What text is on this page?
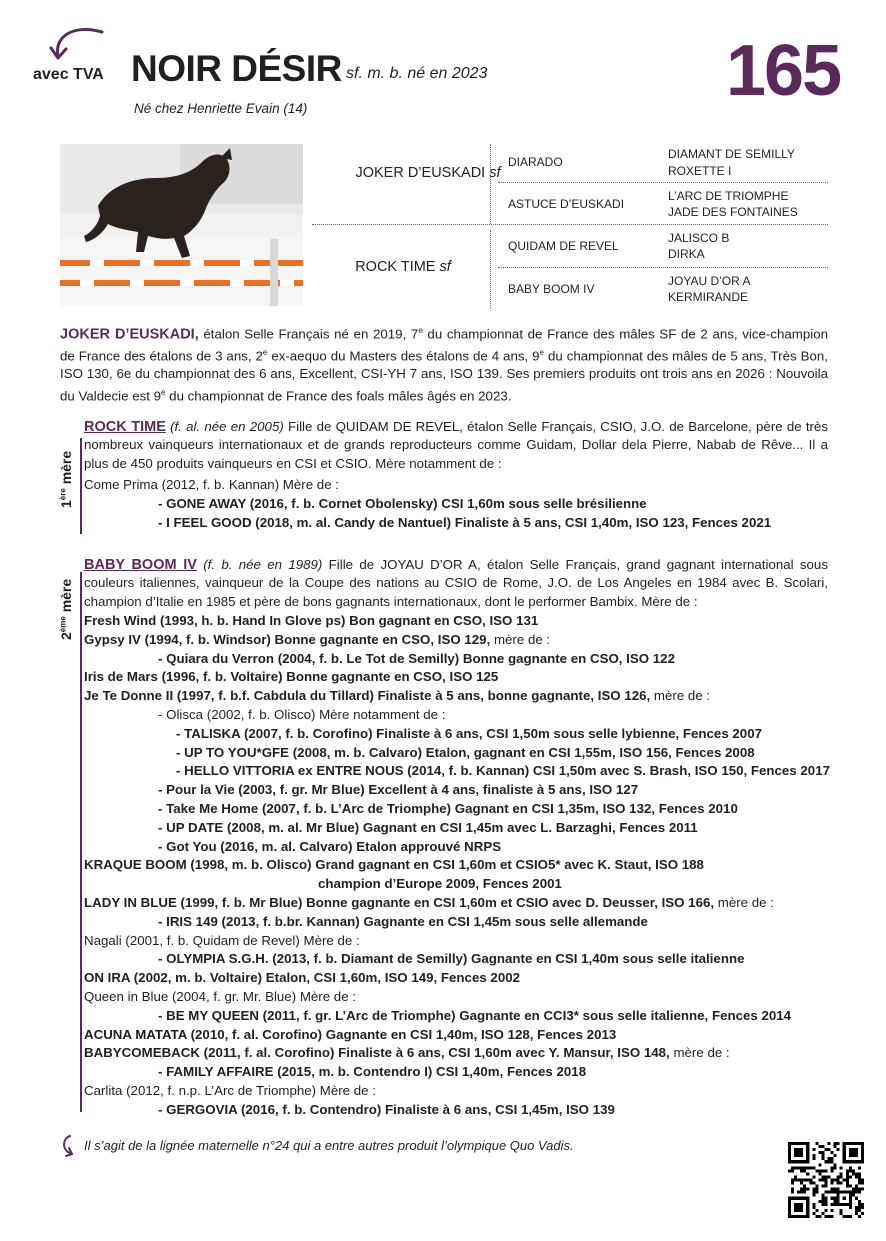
avec TVA NOIR DÉSIR sf. m. b. né en 2023
Né chez Henriette Evain (14)	165
JOKER D’EUSKADI sf
ROCK TIME sf
DIARADO
ASTUCE D’EUSKADI
QUIDAM DE REVEL
BABY BOOM IV
DIAMANT DE SEMILLY
ROXETTE I
L’ARC DE TRIOMPHE
JADE DES FONTAINES
JALISCO B
DIRKA
JOYAU D’OR A
KERMIRANDE
JOKER D’EUSKADI, étalon Selle Français né en 2019, 7e du championnat de France des mâles SF de 2 ans, vice-champion de France des étalons de 3 ans, 2e ex-aequo du Masters des étalons de 4 ans, 9e du championnat des mâles de 5 ans, Très Bon, ISO 130, 6e du championnat des 6 ans, Excellent, CSI-YH 7 ans, ISO 139. Ses premiers produits ont trois ans en 2026 : Nouvoila du Valdecie est 9e du championnat de France des foals mâles âgés en 2023.
1ère mère
ROCK TIME (f. al. née en 2005) Fille de QUIDAM DE REVEL, étalon Selle Français, CSIO, J.O. de Barcelone, père de très nombreux vainqueurs internationaux et de grands reproducteurs comme Guidam, Dollar dela Pierre, Nabab de Rêve... Il a plus de 450 produits vainqueurs en CSI et CSIO. Mère notamment de :
Come Prima (2012, f. b. Kannan) Mère de :
- GONE AWAY (2016, f. b. Cornet Obolensky) CSI 1,60m sous selle brésilienne
- I FEEL GOOD (2018, m. al. Candy de Nantuel) Finaliste à 5 ans, CSI 1,40m, ISO 123, Fences 2021
2ème mère
BABY BOOM IV (f. b. née en 1989) Fille de JOYAU D’OR A, étalon Selle Français, grand gagnant international sous couleurs italiennes, vainqueur de la Coupe des nations au CSIO de Rome, J.O. de Los Angeles en 1984 avec B. Scolari, champion d’Italie en 1985 et père de bons gagnants internationaux, dont le performer Bambix. Mère de :
Fresh Wind (1993, h. b. Hand In Glove ps) Bon gagnant en CSO, ISO 131
Gypsy IV (1994, f. b. Windsor) Bonne gagnante en CSO, ISO 129, mère de :
- Quiara du Verron (2004, f. b. Le Tot de Semilly) Bonne gagnante en CSO, ISO 122
Iris de Mars (1996, f. b. Voltaire) Bonne gagnante en CSO, ISO 125
Je Te Donne II (1997, f. b.f. Cabdula du Tillard) Finaliste à 5 ans, bonne gagnante, ISO 126, mère de :
- Olisca (2002, f. b. Olisco) Mère notamment de :
- TALISKA (2007, f. b. Corofino) Finaliste à 6 ans, CSI 1,50m sous selle lybienne, Fences 2007
- UP TO YOU*GFE (2008, m. b. Calvaro) Etalon, gagnant en CSI 1,55m, ISO 156, Fences 2008
- HELLO VITTORIA ex ENTRE NOUS (2014, f. b. Kannan) CSI 1,50m avec S. Brash, ISO 150, Fences 2017
- Pour la Vie (2003, f. gr. Mr Blue) Excellent à 4 ans, finaliste à 5 ans, ISO 127
- Take Me Home (2007, f. b. L’Arc de Triomphe) Gagnant en CSI 1,35m, ISO 132, Fences 2010
- UP DATE (2008, m. al. Mr Blue) Gagnant en CSI 1,45m avec L. Barzaghi, Fences 2011
- Got You (2016, m. al. Calvaro) Etalon approuvé NRPS
KRAQUE BOOM (1998, m. b. Olisco) Grand gagnant en CSI 1,60m et CSIO5* avec K. Staut, ISO 188
champion d’Europe 2009, Fences 2001
LADY IN BLUE (1999, f. b. Mr Blue) Bonne gagnante en CSI 1,60m et CSIO avec D. Deusser, ISO 166, mère de :
- IRIS 149 (2013, f. b.br. Kannan) Gagnante en CSI 1,45m sous selle allemande
Nagali (2001, f. b. Quidam de Revel) Mère de :
- OLYMPIA S.G.H. (2013, f. b. Diamant de Semilly) Gagnante en CSI 1,40m sous selle italienne
ON IRA (2002, m. b. Voltaire) Etalon, CSI 1,60m, ISO 149, Fences 2002
Queen in Blue (2004, f. gr. Mr. Blue) Mère de :
- BE MY QUEEN (2011, f. gr. L’Arc de Triomphe) Gagnante en CCI3* sous selle italienne, Fences 2014
ACUNA MATATA (2010, f. al. Corofino) Gagnante en CSI 1,40m, ISO 128, Fences 2013
BABYCOMEBACK (2011, f. al. Corofino) Finaliste à 6 ans, CSI 1,60m avec Y. Mansur, ISO 148, mère de :
- FAMILY AFFAIRE (2015, m. b. Contendro I) CSI 1,40m, Fences 2018
Carlita (2012, f. n.p. L’Arc de Triomphe) Mère de :
- GERGOVIA (2016, f. b. Contendro) Finaliste à 6 ans, CSI 1,45m, ISO 139
Il s’agit de la lignée maternelle n°24 qui a entre autres produit l’olympique Quo Vadis.
